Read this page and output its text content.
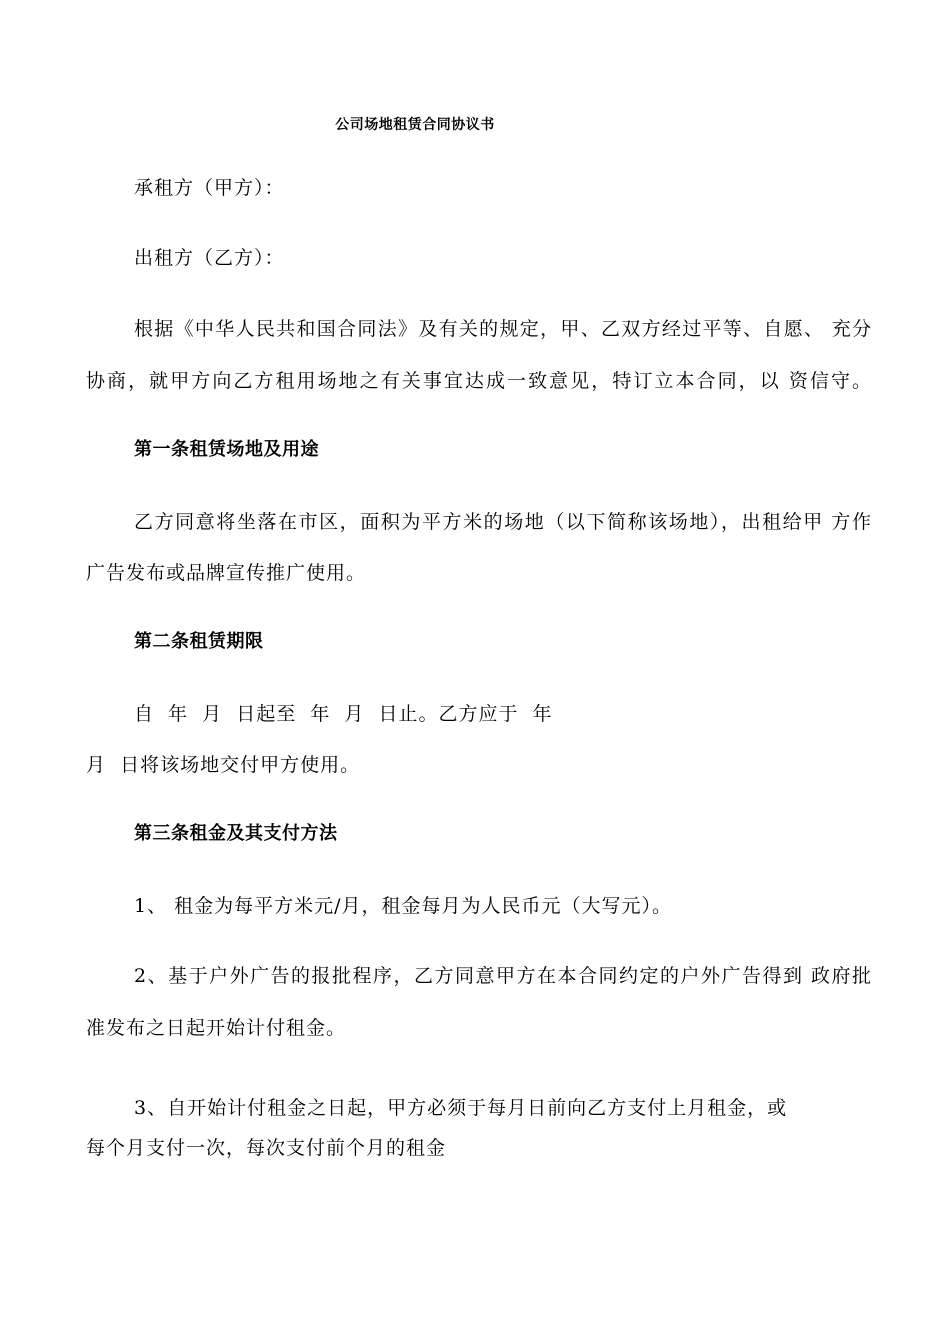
公司场地租赁合同协议书
承租方（甲方）：
出租方（乙方）：
根据《中华人民共和国合同法》及有关的规定，甲、乙双方经过平等、自愿、 充分
协商，就甲方向乙方租用场地之有关事宜达成一致意见，特订立本合同，以 资信守。
第一条租赁场地及用途
乙方同意将坐落在市区，面积为平方米的场地（以下简称该场地），出租给甲 方作
广告发布或品牌宣传推广使用。
第二条租赁期限
自  年  月  日起至  年  月  日止。乙方应于  年
月  日将该场地交付甲方使用。
第三条租金及其支付方法
1、 租金为每平方米元/月，租金每月为人民币元（大写元）。
2、基于户外广告的报批程序，乙方同意甲方在本合同约定的户外广告得到 政府批
准发布之日起开始计付租金。
3、自开始计付租金之日起，甲方必须于每月日前向乙方支付上月租金，或
每个月支付一次，每次支付前个月的租金
